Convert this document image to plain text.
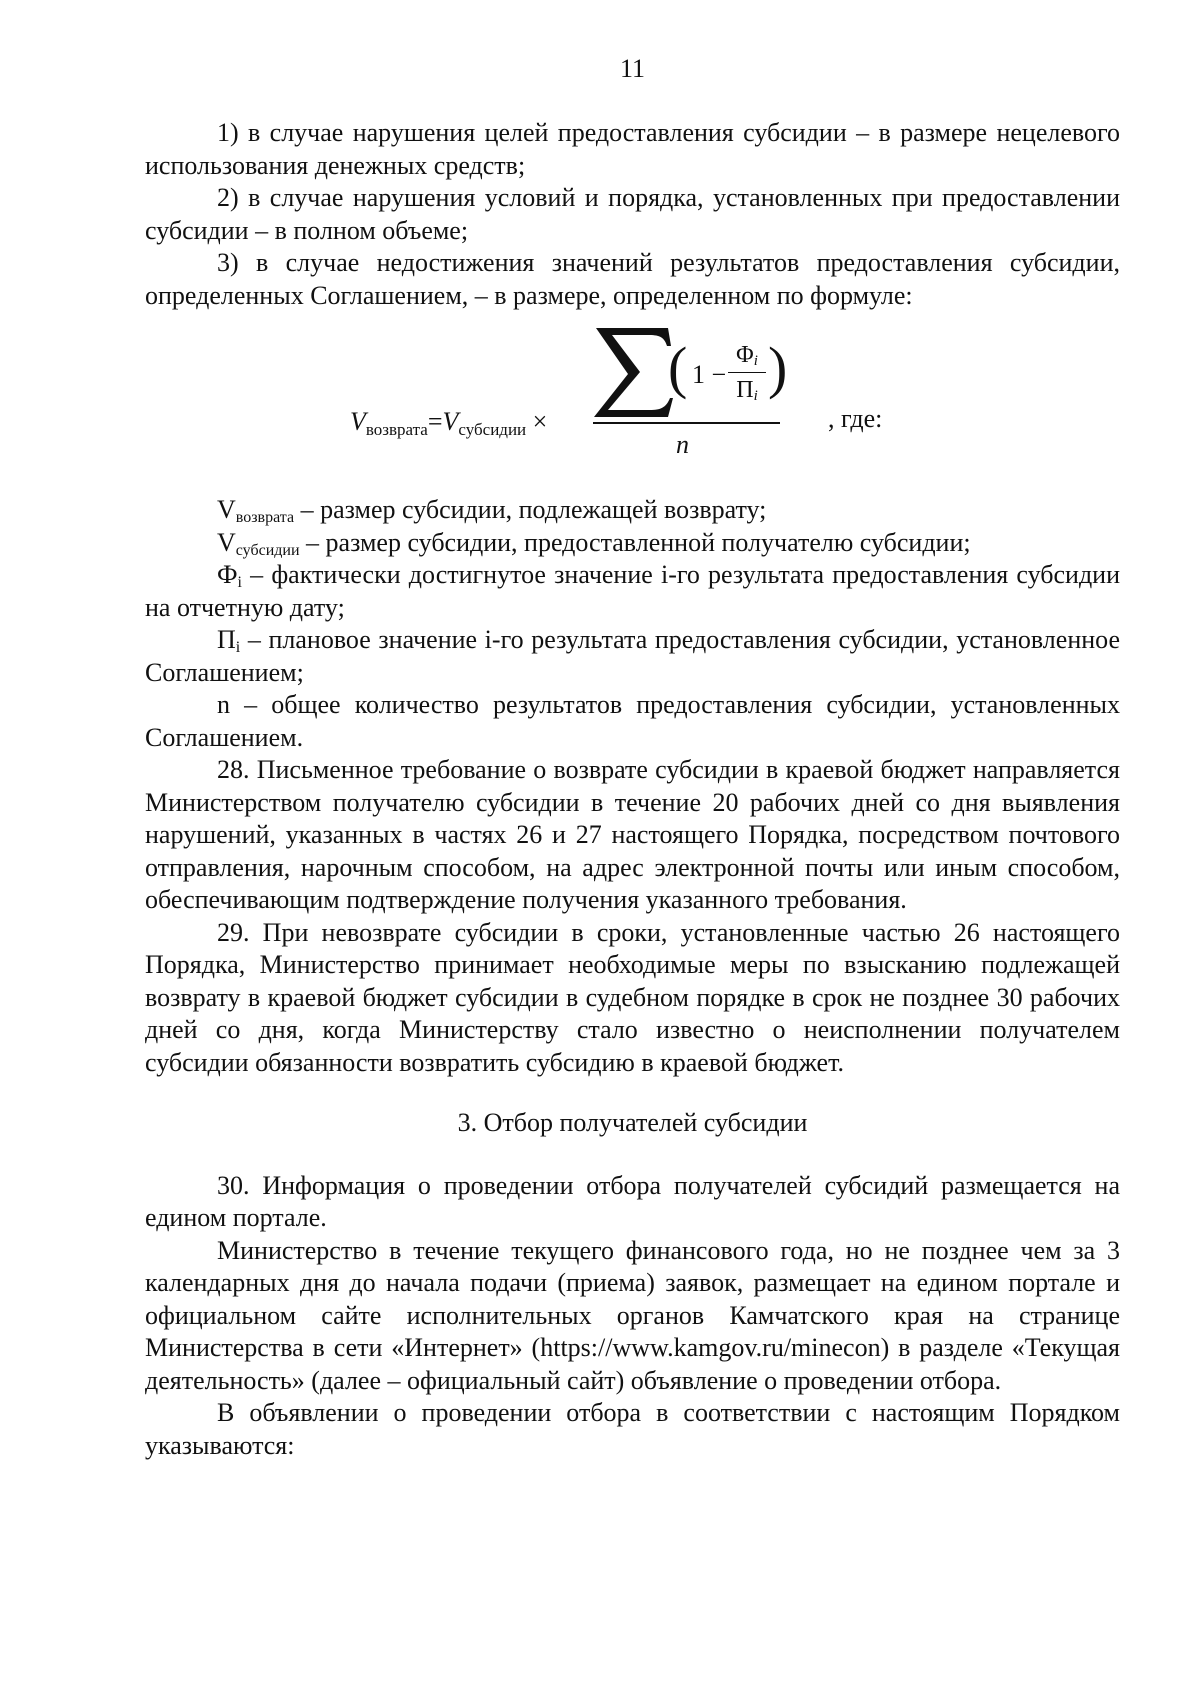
11

1) в случае нарушения целей предоставления субсидии – в размере нецелевого использования денежных средств;

2) в случае нарушения условий и порядка, установленных при предоставлении субсидии – в полном объеме;

3) в случае недостижения значений результатов предоставления субсидии, определенных Соглашением, – в размере, определенном по формуле:

$V_{возврата}=V_{субсидии}$ ×
( 1 −
$\Phi_i$
$П_i$ )
n
, где:

$V_{возврата}$ – размер субсидии, подлежащей возврату;

$V_{субсидии}$ – размер субсидии, предоставленной получателю субсидии;

$Ф_i$ – фактически достигнутое значение i-го результата предоставления субсидии на отчетную дату;

$П_i$ – плановое значение i-го результата предоставления субсидии, установленное Соглашением;

n – общее количество результатов предоставления субсидии, установленных Соглашением.

28. Письменное требование о возврате субсидии в краевой бюджет направляется Министерством получателю субсидии в течение 20 рабочих дней со дня выявления нарушений, указанных в частях 26 и 27 настоящего Порядка, посредством почтового отправления, нарочным способом, на адрес электронной почты или иным способом, обеспечивающим подтверждение получения указанного требования.

29. При невозврате субсидии в сроки, установленные частью 26 настоящего Порядка, Министерство принимает необходимые меры по взысканию подлежащей возврату в краевой бюджет субсидии в судебном порядке в срок не позднее 30 рабочих дней со дня, когда Министерству стало известно о неисполнении получателем субсидии обязанности возвратить субсидию в краевой бюджет.

3. Отбор получателей субсидии

30. Информация о проведении отбора получателей субсидий размещается на едином портале.

Министерство в течение текущего финансового года, но не позднее чем за 3 календарных дня до начала подачи (приема) заявок, размещает на едином портале и официальном сайте исполнительных органов Камчатского края на странице Министерства в сети «Интернет» (https://www.kamgov.ru/minecon) в разделе «Текущая деятельность» (далее – официальный сайт) объявление о проведении отбора.

В объявлении о проведении отбора в соответствии с настоящим Порядком указываются:
